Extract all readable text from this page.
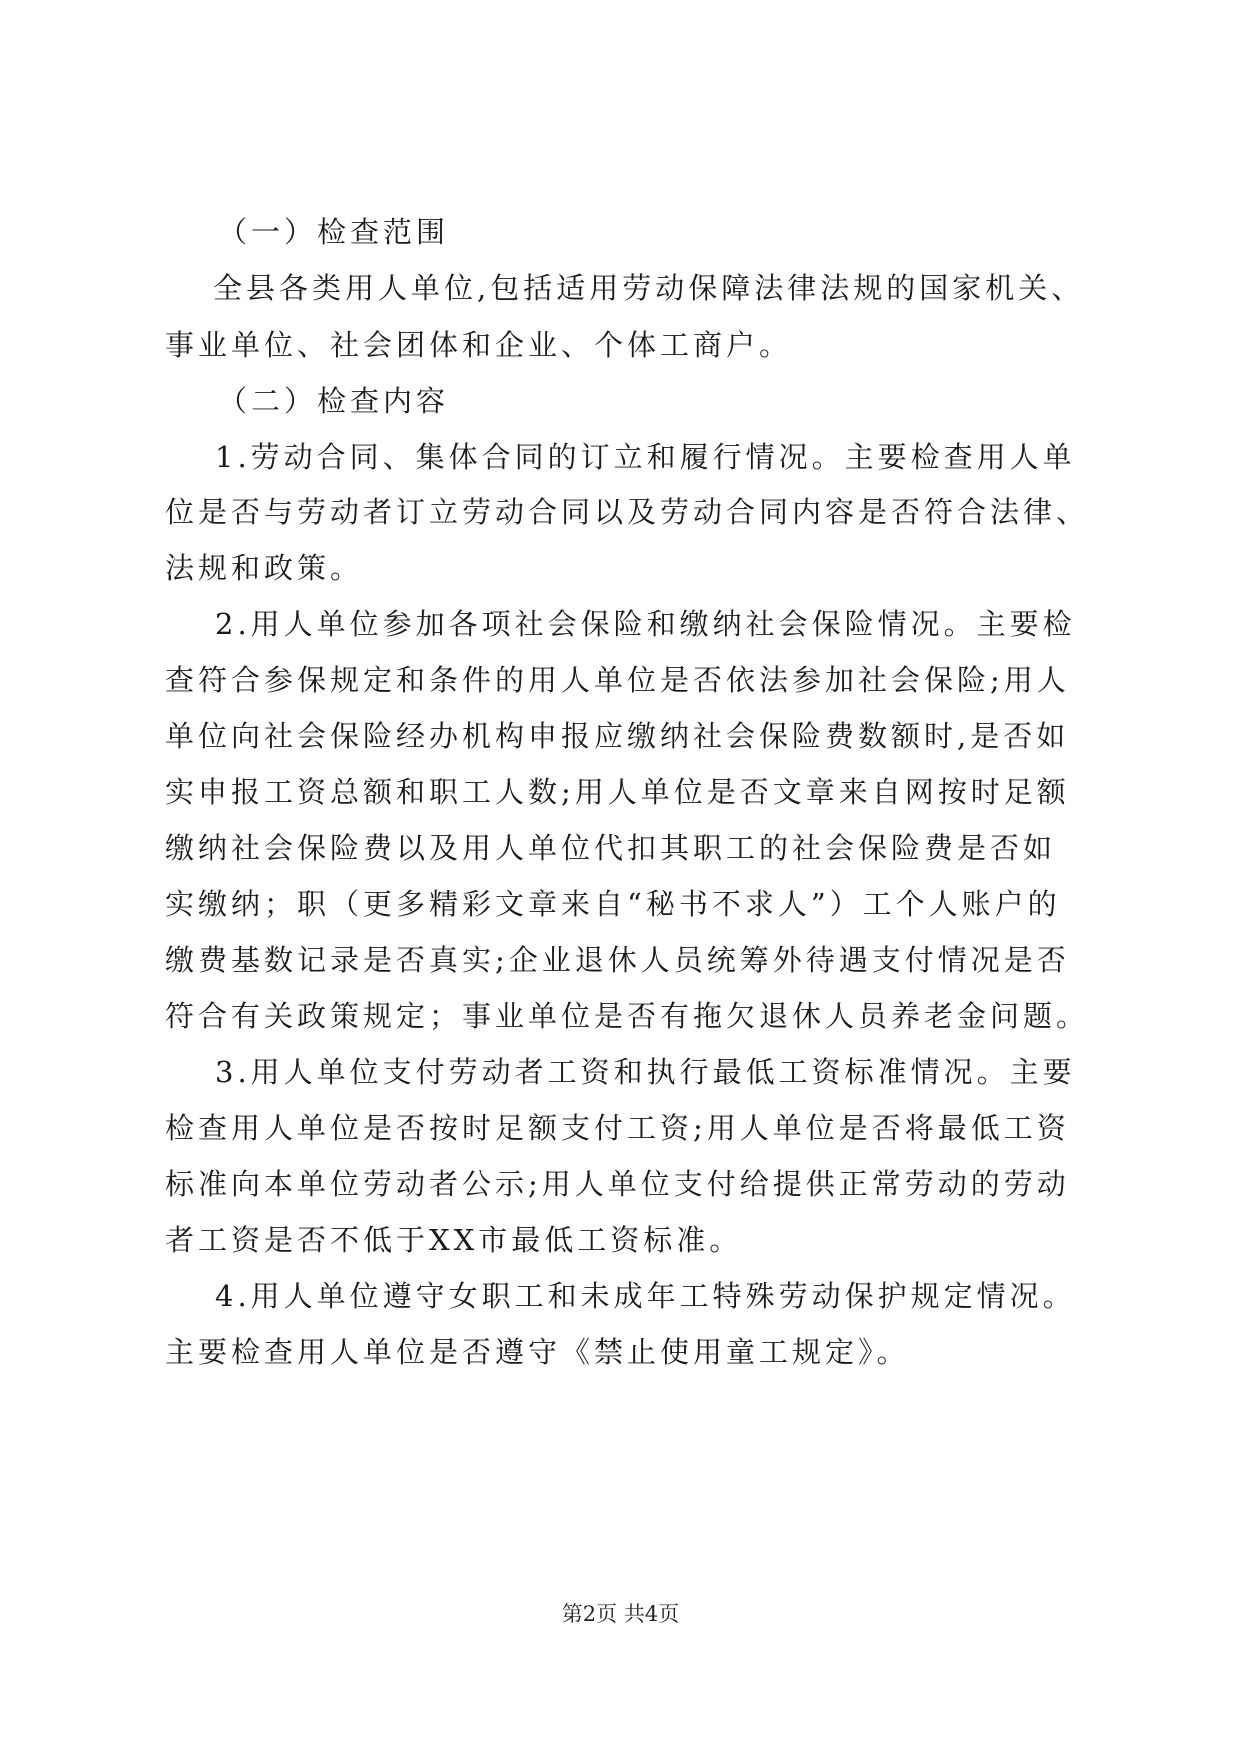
（一）检查范围
全县各类用人单位,包括适用劳动保障法律法规的国家机关、
事业单位、社会团体和企业、个体工商户。
（二）检查内容
1.劳动合同、集体合同的订立和履行情况。主要检查用人单
位是否与劳动者订立劳动合同以及劳动合同内容是否符合法律、
法规和政策。
2.用人单位参加各项社会保险和缴纳社会保险情况。主要检
查符合参保规定和条件的用人单位是否依法参加社会保险;用人
单位向社会保险经办机构申报应缴纳社会保险费数额时,是否如
实申报工资总额和职工人数;用人单位是否文章来自网按时足额
缴纳社会保险费以及用人单位代扣其职工的社会保险费是否如
实缴纳；职（更多精彩文章来自“秘书不求人”）工个人账户的
缴费基数记录是否真实;企业退休人员统筹外待遇支付情况是否
符合有关政策规定；事业单位是否有拖欠退休人员养老金问题。
3.用人单位支付劳动者工资和执行最低工资标准情况。主要
检查用人单位是否按时足额支付工资;用人单位是否将最低工资
标准向本单位劳动者公示;用人单位支付给提供正常劳动的劳动
者工资是否不低于XX市最低工资标准。
4.用人单位遵守女职工和未成年工特殊劳动保护规定情况。
主要检查用人单位是否遵守《禁止使用童工规定》。
第2页 共4页
